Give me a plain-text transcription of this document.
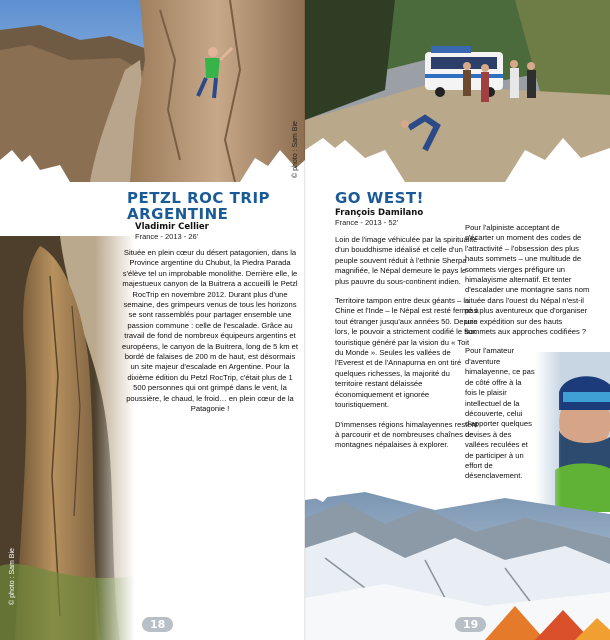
© photo : Sam Bie
© photo : Sam Bie
PETZL ROC TRIP ARGENTINE
Vladimir Cellier
France - 2013 - 26'

Située en plein cœur du désert patagonien, dans la Province argentine du Chubut, la Piedra Parada s'élève tel un improbable monolithe. Derrière elle, le majestueux canyon de la Buitrera a accueilli le Petzl RocTrip en novembre 2012. Durant plus d'une semaine, des grimpeurs venus de tous les horizons se sont rassemblés pour partager ensemble une passion commune : celle de l'escalade. Grâce au travail de fond de nombreux équipeurs argentins et européens, le canyon de la Buitrera, long de 5 km et bordé de falaises de 200 m de haut, est désormais un site majeur d'escalade en Argentine. Pour la dixième édition du Petzl RocTrip, c'était plus de 1 500 personnes qui ont grimpé dans le vent, la poussière, le chaud, le froid… en plein cœur de la Patagonie !

18
GO WEST!
François Damilano
France - 2013 - 52'

Loin de l'image véhiculée par la spiritualité d'un bouddhisme idéalisé et celle d'un peuple souvent réduit à l'ethnie Sherpa magnifiée, le Népal demeure le pays le plus pauvre du sous-continent indien.

Territoire tampon entre deux géants – la Chine et l'Inde – le Népal est resté fermé à tout étranger jusqu'aux années 50. Depuis lors, le pouvoir a strictement codifié le flux touristique généré par la vision du « Toit du Monde ». Seules les vallées de l'Everest et de l'Annapurna en ont tiré quelques richesses, la majorité du territoire restant délaissée économiquement et ignorée touristiquement.

D'immenses régions himalayennes restent à parcourir et de nombreuses chaînes de montagnes népalaises à explorer.

Pour l'alpiniste acceptant de s'écarter un moment des codes de l'attractivité – l'obsession des plus hauts sommets – une multitude de sommets vierges préfigure un himalayisme alternatif. Et tenter d'escalader une montagne sans nom située dans l'ouest du Népal n'est-il pas plus aventureux que d'organiser une expédition sur des hauts sommets aux approches codifiées ?

Pour l'amateur d'aventure himalayenne, ce pas de côté offre à la fois le plaisir intellectuel de la découverte, celui d'apporter quelques devises à des vallées reculées et de participer à un effort de désenclavement.

19
